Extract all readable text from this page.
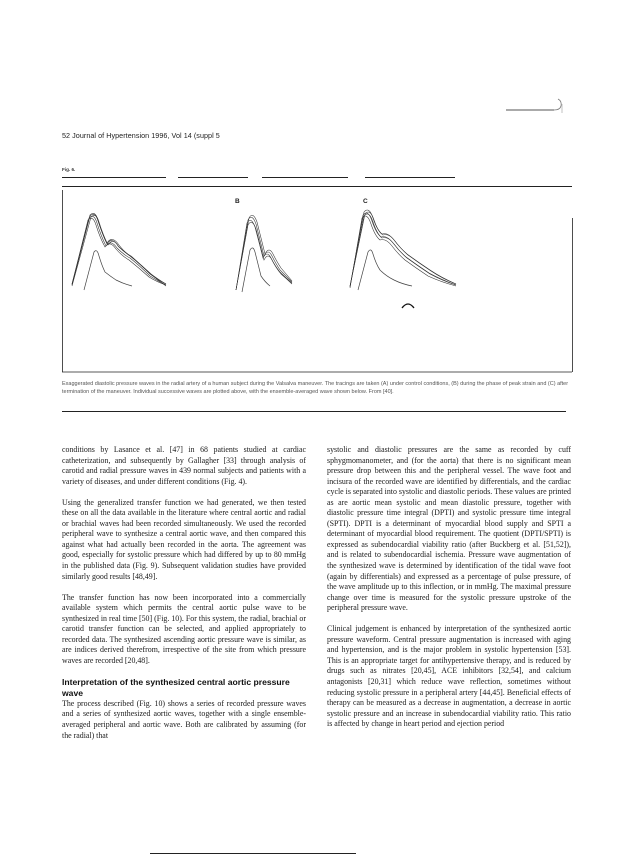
52 Journal of Hypertension 1996, Vol 14 (suppl 5
Fig. 6.
B	C
Exaggerated diastolic pressure waves in the radial artery of a human subject during the Valsalva maneuver. The tracings are taken (A) under control conditions, (B) during the phase of peak strain and (C) after termination of the maneuver. Individual successive waves are plotted above, with the ensemble-averaged wave shown below. From [40].

conditions by Lasance et al. [47] in 68 patients studied at cardiac catheterization, and subsequently by Gallagher [33] through analysis of carotid and radial pressure waves in 439 normal subjects and patients with a variety of diseases, and under different conditions (Fig. 4).

Using the generalized transfer function we had generated, we then tested these on all the data available in the literature where central aortic and radial or brachial waves had been recorded simultaneously. We used the recorded peripheral wave to synthesize a central aortic wave, and then compared this against what had actually been recorded in the aorta. The agreement was good, especially for systolic pressure which had differed by up to 80 mmHg in the published data (Fig. 9). Subsequent validation studies have provided similarly good results [48,49].

The transfer function has now been incorporated into a commercially available system which permits the central aortic pulse wave to be synthesized in real time [50] (Fig. 10). For this system, the radial, brachial or carotid transfer function can be selected, and applied appropriately to recorded data. The synthesized ascending aortic pressure wave is similar, as are indices derived therefrom, irrespective of the site from which pressure waves are recorded [20,48].

Interpretation of the synthesized central aortic pressure wave

The process described (Fig. 10) shows a series of recorded pressure waves and a series of synthesized aortic waves, together with a single ensemble-averaged peripheral and aortic wave. Both are calibrated by assuming (for the radial) that

systolic and diastolic pressures are the same as recorded by cuff sphygmomanometer, and (for the aorta) that there is no significant mean pressure drop between this and the peripheral vessel. The wave foot and incisura of the recorded wave are identified by differentials, and the cardiac cycle is separated into systolic and diastolic periods. These values are printed as are aortic mean systolic and mean diastolic pressure, together with diastolic pressure time integral (DPTI) and systolic pressure time integral (SPTI). DPTI is a determinant of myocardial blood supply and SPTI a determinant of myocardial blood requirement. The quotient (DPTI/SPTI) is expressed as subendocardial viability ratio (after Buckberg et al. [51,52]), and is related to subendocardial ischemia. Pressure wave augmentation of the synthesized wave is determined by identification of the tidal wave foot (again by differentials) and expressed as a percentage of pulse pressure, of the wave amplitude up to this inflection, or in mmHg. The maximal pressure change over time is measured for the systolic pressure upstroke of the peripheral pressure wave.

Clinical judgement is enhanced by interpretation of the synthesized aortic pressure waveform. Central pressure augmentation is increased with aging and hypertension, and is the major problem in systolic hypertension [53]. This is an appropriate target for antihypertensive therapy, and is reduced by drugs such as nitrates [20,45], ACE inhibitors [32,54], and calcium antagonists [20,31] which reduce wave reflection, sometimes without reducing systolic pressure in a peripheral artery [44,45]. Beneficial effects of therapy can be measured as a decrease in augmentation, a decrease in aortic systolic pressure and an increase in subendocardial viability ratio. This ratio is affected by change in heart period and ejection period
